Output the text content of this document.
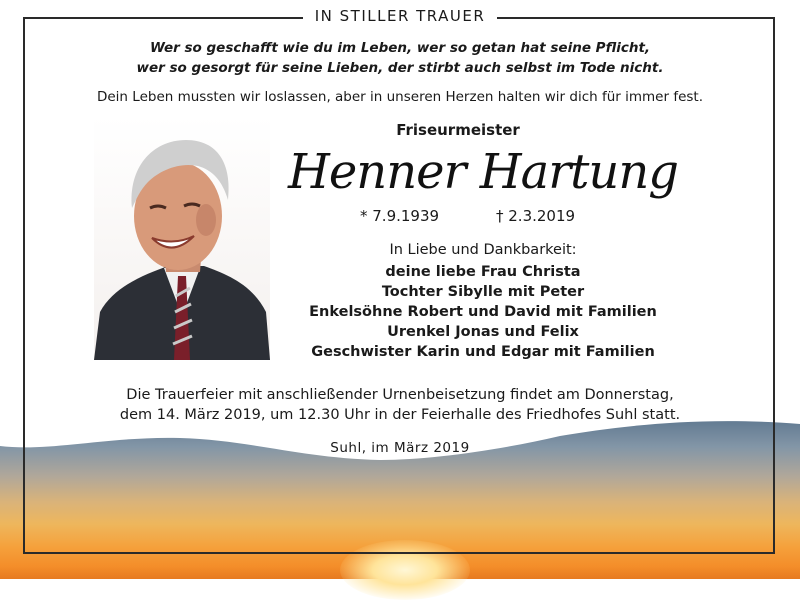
IN STILLER TRAUER
Wer so geschafft wie du im Leben, wer so getan hat seine Pflicht,
wer so gesorgt für seine Lieben, der stirbt auch selbst im Tode nicht.
Dein Leben mussten wir loslassen, aber in unseren Herzen halten wir dich für immer fest.
Friseurmeister
Henner Hartung
* 7.9.1939	† 2.3.2019
In Liebe und Dankbarkeit:
deine liebe Frau Christa
Tochter Sibylle mit Peter
Enkelsöhne Robert und David mit Familien
Urenkel Jonas und Felix
Geschwister Karin und Edgar mit Familien
Die Trauerfeier mit anschließender Urnenbeisetzung findet am Donnerstag,
dem 14. März 2019, um 12.30 Uhr in der Feierhalle des Friedhofes Suhl statt.
Suhl, im März 2019
